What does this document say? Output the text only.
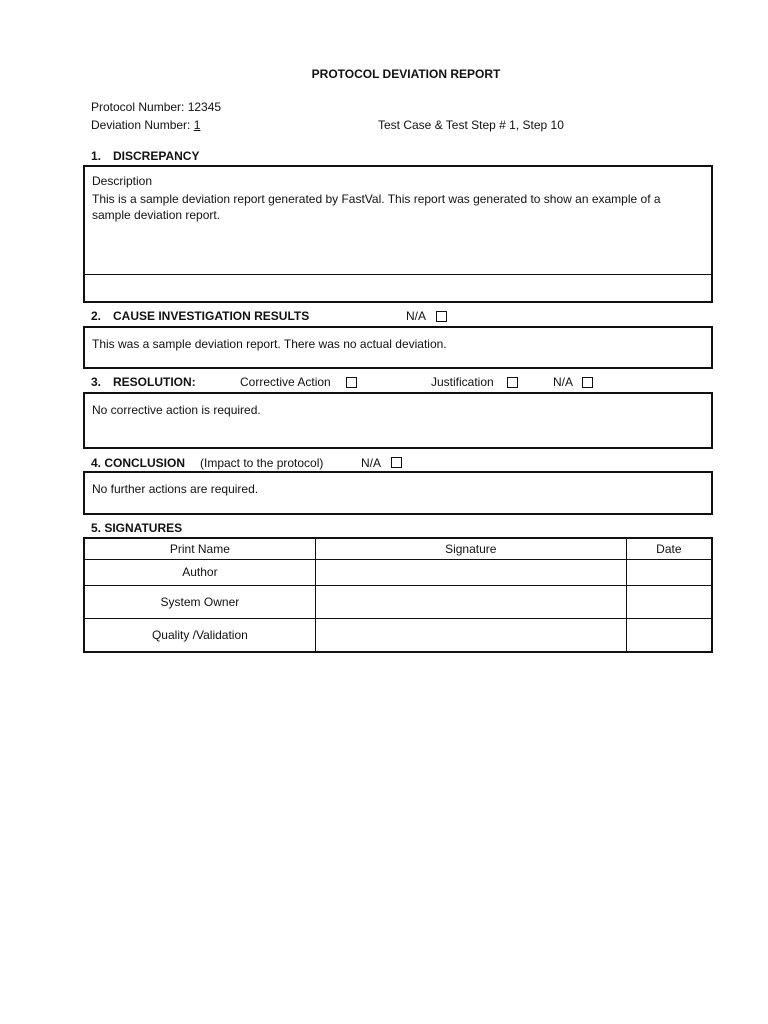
PROTOCOL DEVIATION REPORT
Protocol Number: 12345
Deviation Number: 1	Test Case & Test Step # 1, Step 10
1. DISCREPANCY
Description
This is a sample deviation report generated by FastVal. This report was generated to show an example of a sample deviation report.
2. CAUSE INVESTIGATION RESULTS	N/A
This was a sample deviation report. There was no actual deviation.
3. RESOLUTION:	Corrective Action	Justification	N/A
No corrective action is required.
4. CONCLUSION (Impact to the protocol)	N/A
No further actions are required.
5. SIGNATURES
Print Name	Signature	Date
Author		
System Owner		
Quality /Validation		
